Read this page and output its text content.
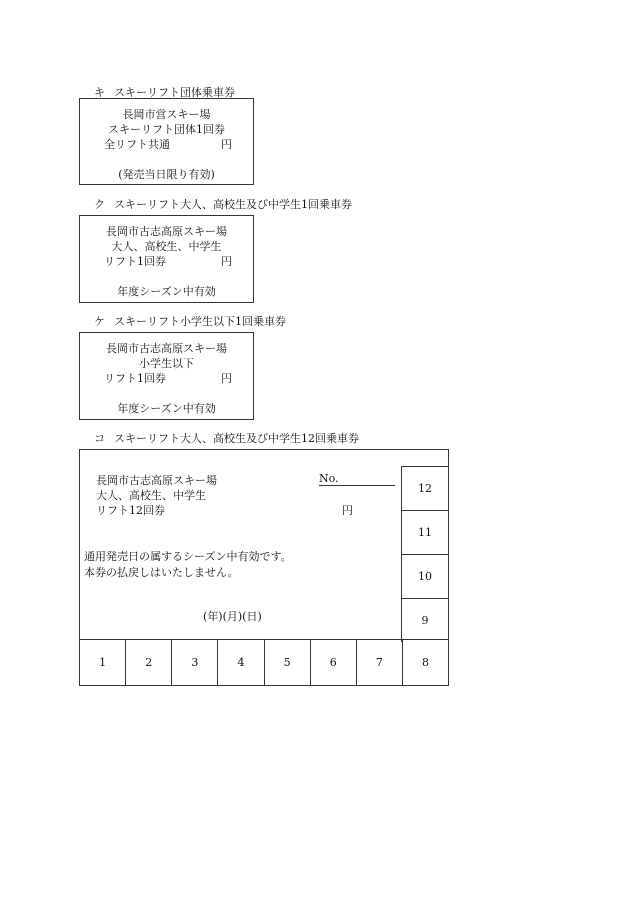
キ スキーリフト団体乗車券
長岡市営スキー場
スキーリフト団体1回券
全リフト共通	円
(発売当日限り有効)
ク スキーリフト大人、高校生及び中学生1回乗車券
長岡市古志高原スキー場
大人、高校生、中学生
リフト1回券	円
年度シーズン中有効
ケ スキーリフト小学生以下1回乗車券
長岡市古志高原スキー場
小学生以下
リフト1回券	円
年度シーズン中有効
コ スキーリフト大人、高校生及び中学生12回乗車券
長岡市古志高原スキー場	No.
大人、高校生、中学生
リフト12回券	円
通用発売日の属するシーズン中有効です。
本券の払戻しはいたしません。
(年)(月)(日)
12
11
10
9
1	2	3	4	5	6	7	8
